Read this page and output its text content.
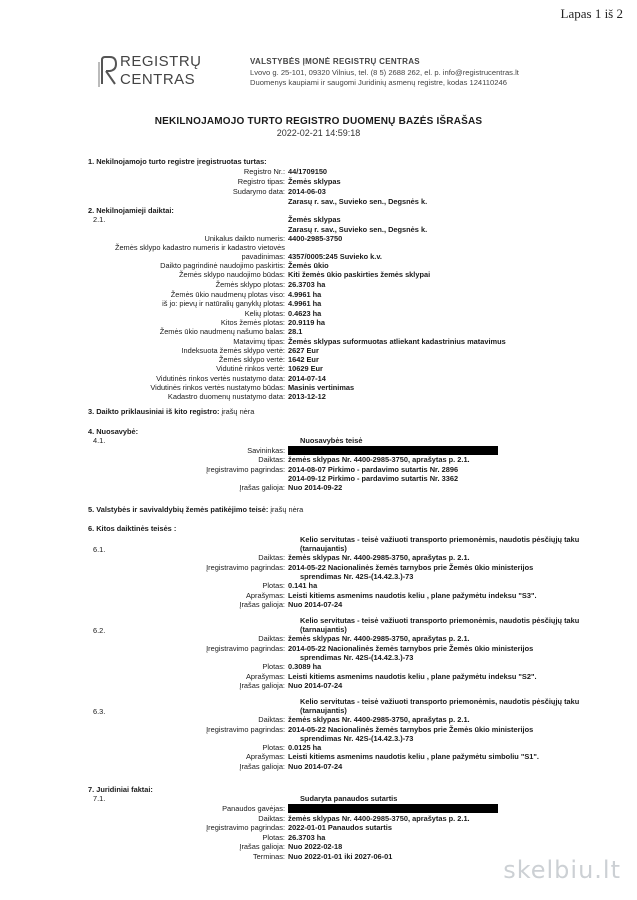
Lapas 1 iš 2
REGISTRŲ
CENTRAS
VALSTYBĖS ĮMONĖ REGISTRŲ CENTRAS
Lvovo g. 25-101, 09320 Vilnius, tel. (8 5) 2688 262, el. p. info@registrucentras.lt
Duomenys kaupiami ir saugomi Juridinių asmenų registre, kodas 124110246
NEKILNOJAMOJO TURTO REGISTRO DUOMENŲ BAZĖS IŠRAŠAS
2022-02-21 14:59:18
1. Nekilnojamojo turto registre įregistruotas turtas:
Registro Nr.: 44/1709150
Registro tipas: Žemės sklypas
Sudarymo data: 2014-06-03
Zarasų r. sav., Suviekо sen., Degsnės k.
2. Nekilnojamieji daiktai:
2.1.	Žemės sklypas
Zarasų r. sav., Suvieko sen., Degsnės k.
Unikalus daikto numeris: 4400-2985-3750
Žemės sklypo kadastro numeris ir kadastro vietovės
pavadinimas: 4357/0005:245 Suvieko k.v.
Daikto pagrindinė naudojimo paskirtis: Žemės ūkio
Žemės sklypo naudojimo būdas: Kiti žemės ūkio paskirties žemės sklypai
Žemės sklypo plotas: 26.3703 ha
Žemės ūkio naudmenų plotas viso: 4.9961 ha
iš jo: pievų ir natūralių ganyklų plotas: 4.9961 ha
Kelių plotas: 0.4623 ha
Kitos žemės plotas: 20.9119 ha
Žemės ūkio naudmenų našumo balas: 28.1
Matavimų tipas: Žemės sklypas suformuotas atliekant kadastrinius matavimus
Indeksuota žemės sklypo vertė: 2627 Eur
Žemės sklypo vertė: 1642 Eur
Vidutinė rinkos vertė: 10629 Eur
Vidutinės rinkos vertės nustatymo data: 2014-07-14
Vidutinės rinkos vertės nustatymo būdas: Masinis vertinimas
Kadastro duomenų nustatymo data: 2013-12-12
3. Daikto priklausiniai iš kito registro: įrašų nėra
4. Nuosavybė:
4.1.	Nuosavybės teisė
Savininkas:
Daiktas: žemės sklypas Nr. 4400-2985-3750, aprašytas p. 2.1.
Įregistravimo pagrindas: 2014-08-07 Pirkimo - pardavimo sutartis Nr. 2896
2014-09-12 Pirkimo - pardavimo sutartis Nr. 3362
Įrašas galioja: Nuo 2014-09-22
5. Valstybės ir savivaldybių žemės patikėjimo teisė: įrašų nėra
6. Kitos daiktinės teisės :
Kelio servitutas - teisė važiuoti transporto priemonėmis, naudotis pėsčiųjų taku
(tarnaujantis)
6.1.
Daiktas: žemės sklypas Nr. 4400-2985-3750, aprašytas p. 2.1.
Įregistravimo pagrindas: 2014-05-22 Nacionalinės žemės tarnybos prie Žemės ūkio ministerijos
sprendimas Nr. 42S-(14.42.3.)-73
Plotas: 0.141 ha
Aprašymas: Leisti kitiems asmenims naudotis keliu , plane pažymėtu indeksu "S3".
Įrašas galioja: Nuo 2014-07-24
Kelio servitutas - teisė važiuoti transporto priemonėmis, naudotis pėsčiųjų taku
(tarnaujantis)
6.2.
Daiktas: žemės sklypas Nr. 4400-2985-3750, aprašytas p. 2.1.
Įregistravimo pagrindas: 2014-05-22 Nacionalinės žemės tarnybos prie Žemės ūkio ministerijos
sprendimas Nr. 42S-(14.42.3.)-73
Plotas: 0.3089 ha
Aprašymas: Leisti kitiems asmenims naudotis keliu , plane pažymėtu indeksu "S2".
Įrašas galioja: Nuo 2014-07-24
Kelio servitutas - teisė važiuoti transporto priemonėmis, naudotis pėsčiųjų taku
(tarnaujantis)
6.3.
Daiktas: žemės sklypas Nr. 4400-2985-3750, aprašytas p. 2.1.
Įregistravimo pagrindas: 2014-05-22 Nacionalinės žemės tarnybos prie Žemės ūkio ministerijos
sprendimas Nr. 42S-(14.42.3.)-73
Plotas: 0.0125 ha
Aprašymas: Leisti kitiems asmenims naudotis keliu , plane pažymėtu simboliu "S1".
Įrašas galioja: Nuo 2014-07-24
7. Juridiniai faktai:
7.1.	Sudaryta panaudos sutartis
Panaudos gavėjas:
Daiktas: žemės sklypas Nr. 4400-2985-3750, aprašytas p. 2.1.
Įregistravimo pagrindas: 2022-01-01 Panaudos sutartis
Plotas: 26.3703 ha
Įrašas galioja: Nuo 2022-02-18
Terminas: Nuo 2022-01-01 iki 2027-06-01	skelbiu.lt
